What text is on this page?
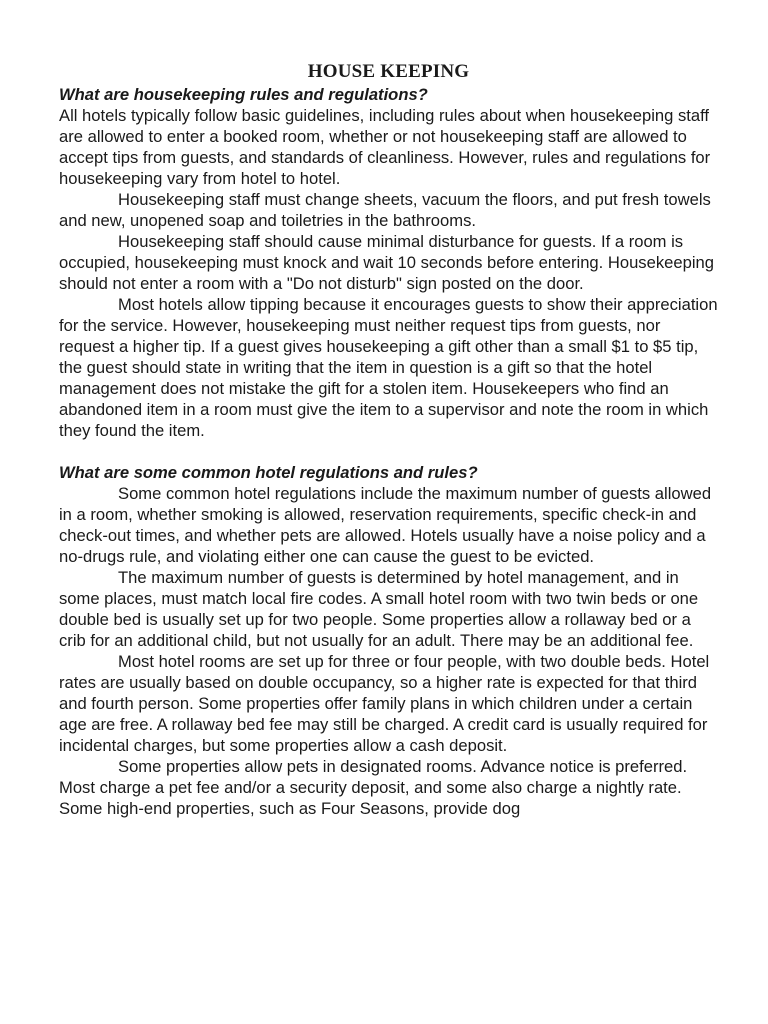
HOUSE KEEPING

What are housekeeping rules and regulations?

All hotels typically follow basic guidelines, including rules about when housekeeping staff are allowed to enter a booked room, whether or not housekeeping staff are allowed to accept tips from guests, and standards of cleanliness. However, rules and regulations for housekeeping vary from hotel to hotel.

Housekeeping staff must change sheets, vacuum the floors, and put fresh towels and new, unopened soap and toiletries in the bathrooms.

Housekeeping staff should cause minimal disturbance for guests. If a room is occupied, housekeeping must knock and wait 10 seconds before entering. Housekeeping should not enter a room with a "Do not disturb" sign posted on the door.

Most hotels allow tipping because it encourages guests to show their appreciation for the service. However, housekeeping must neither request tips from guests, nor request a higher tip. If a guest gives housekeeping a gift other than a small $1 to $5 tip, the guest should state in writing that the item in question is a gift so that the hotel management does not mistake the gift for a stolen item. Housekeepers who find an abandoned item in a room must give the item to a supervisor and note the room in which they found the item.

What are some common hotel regulations and rules?

Some common hotel regulations include the maximum number of guests allowed in a room, whether smoking is allowed, reservation requirements, specific check-in and check-out times, and whether pets are allowed. Hotels usually have a noise policy and a no-drugs rule, and violating either one can cause the guest to be evicted.

The maximum number of guests is determined by hotel management, and in some places, must match local fire codes. A small hotel room with two twin beds or one double bed is usually set up for two people. Some properties allow a rollaway bed or a crib for an additional child, but not usually for an adult. There may be an additional fee.

Most hotel rooms are set up for three or four people, with two double beds. Hotel rates are usually based on double occupancy, so a higher rate is expected for that third and fourth person. Some properties offer family plans in which children under a certain age are free. A rollaway bed fee may still be charged. A credit card is usually required for incidental charges, but some properties allow a cash deposit.

Some properties allow pets in designated rooms. Advance notice is preferred. Most charge a pet fee and/or a security deposit, and some also charge a nightly rate. Some high-end properties, such as Four Seasons, provide dog
